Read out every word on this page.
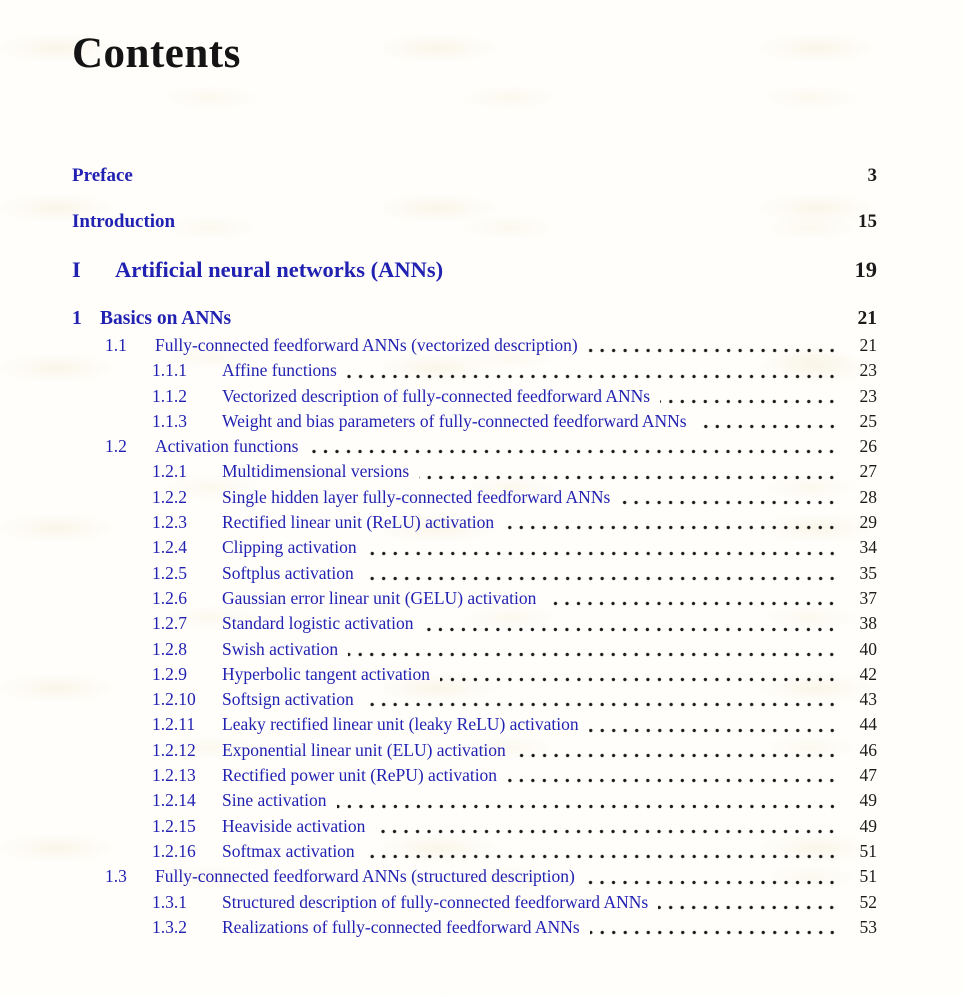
Contents
Preface	3
Introduction	15
I	Artificial neural networks (ANNs)	19
1 Basics on ANNs	21
1.1	Fully-connected feedforward ANNs (vectorized description)	21
1.1.1	Affine functions	23
1.1.2	Vectorized description of fully-connected feedforward ANNs	23
1.1.3	Weight and bias parameters of fully-connected feedforward ANNs	25
1.2	Activation functions	26
1.2.1	Multidimensional versions	27
1.2.2	Single hidden layer fully-connected feedforward ANNs	28
1.2.3	Rectified linear unit (ReLU) activation	29
1.2.4	Clipping activation	34
1.2.5	Softplus activation	35
1.2.6	Gaussian error linear unit (GELU) activation	37
1.2.7	Standard logistic activation	38
1.2.8	Swish activation	40
1.2.9	Hyperbolic tangent activation	42
1.2.10	Softsign activation	43
1.2.11	Leaky rectified linear unit (leaky ReLU) activation	44
1.2.12	Exponential linear unit (ELU) activation	46
1.2.13	Rectified power unit (RePU) activation	47
1.2.14	Sine activation	49
1.2.15	Heaviside activation	49
1.2.16	Softmax activation	51
1.3	Fully-connected feedforward ANNs (structured description)	51
1.3.1	Structured description of fully-connected feedforward ANNs	52
1.3.2	Realizations of fully-connected feedforward ANNs	53
